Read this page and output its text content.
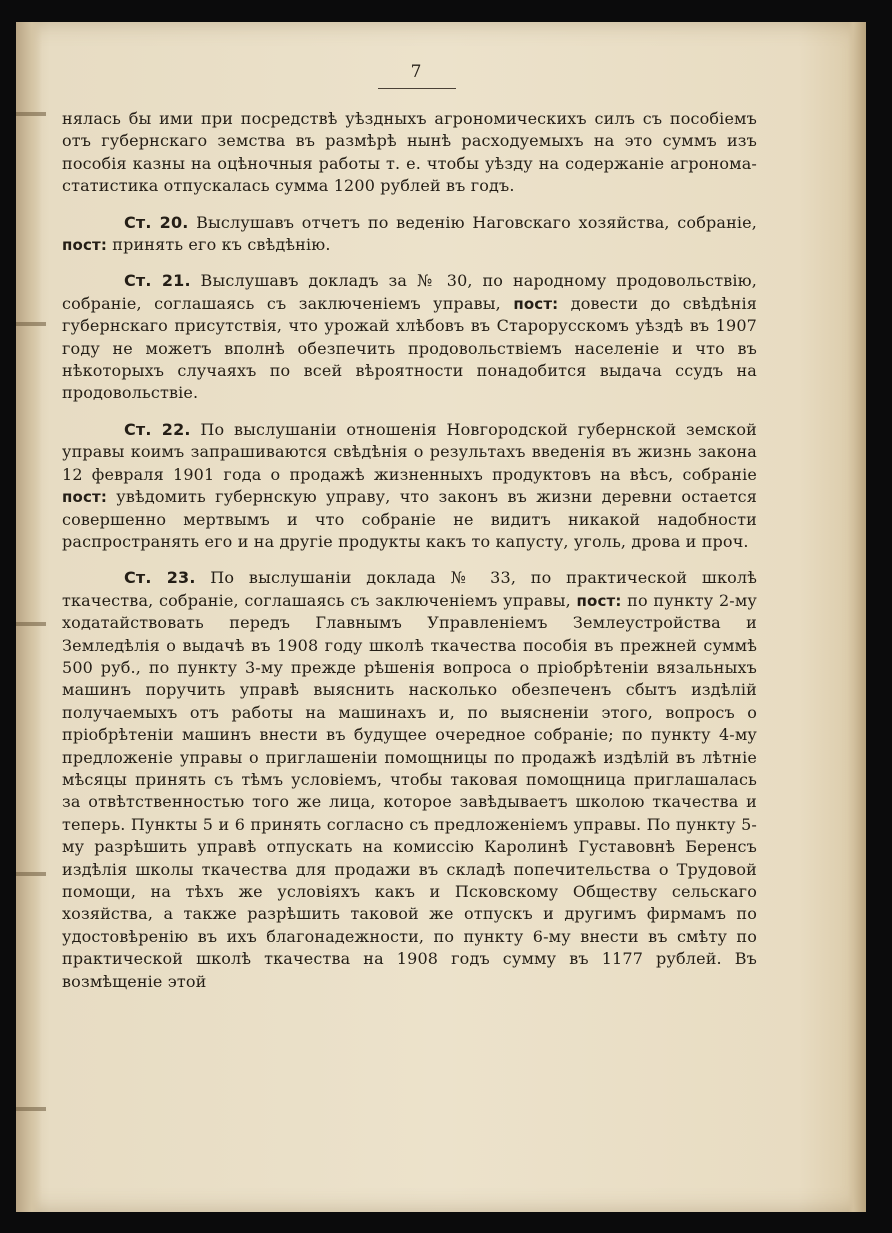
7

нялась бы ими при посредствѣ уѣздныхъ агрономическихъ силъ съ пособіемъ отъ губернскаго земства въ размѣрѣ нынѣ расходуемыхъ на это суммъ изъ пособія казны на оцѣночныя работы т. е. чтобы уѣзду на содержаніе агронома-статистика отпускалась сумма 1200 рублей въ годъ.

Ст. 20. Выслушавъ отчетъ по веденію Наговскаго хозяйства, собраніе, пост: принять его къ свѣдѣнію.

Ст. 21. Выслушавъ докладъ за № 30, по народному продовольствію, собраніе, соглашаясь съ заключеніемъ управы, пост: довести до свѣдѣнія губернскаго присутствія, что урожай хлѣбовъ въ Старорусскомъ уѣздѣ въ 1907 году не можетъ вполнѣ обезпечить продовольствіемъ населеніе и что въ нѣкоторыхъ случаяхъ по всей вѣроятности понадобится выдача ссудъ на продовольствіе.

Ст. 22. По выслушаніи отношенія Новгородской губернской земской управы коимъ запрашиваются свѣдѣнія о результахъ введенія въ жизнь закона 12 февраля 1901 года о продажѣ жизненныхъ продуктовъ на вѣсъ, собраніе пост: увѣдомить губернскую управу, что законъ въ жизни деревни остается совершенно мертвымъ и что собраніе не видитъ никакой надобности распространять его и на другіе продукты какъ то капусту, уголь, дрова и проч.

Ст. 23. По выслушаніи доклада № 33, по практической школѣ ткачества, собраніе, соглашаясь съ заключеніемъ управы, пост: по пункту 2-му ходатайствовать передъ Главнымъ Управленіемъ Землеустройства и Земледѣлія о выдачѣ въ 1908 году школѣ ткачества пособія въ прежней суммѣ 500 руб., по пункту 3-му прежде рѣшенія вопроса о пріобрѣтеніи вязальныхъ машинъ поручить управѣ выяснить насколько обезпеченъ сбытъ издѣлій получаемыхъ отъ работы на машинахъ и, по выясненіи этого, вопросъ о пріобрѣтеніи машинъ внести въ будущее очередное собраніе; по пункту 4-му предложеніе управы о приглашеніи помощницы по продажѣ издѣлій въ лѣтніе мѣсяцы принять съ тѣмъ условіемъ, чтобы таковая помощница приглашалась за отвѣтственностью того же лица, которое завѣдываетъ школою ткачества и теперь. Пункты 5 и 6 принять согласно съ предложеніемъ управы. По пункту 5-му разрѣшить управѣ отпускать на комиссію Каролинѣ Густавовнѣ Беренсъ издѣлія школы ткачества для продажи въ складѣ попечительства о Трудовой помощи, на тѣхъ же условіяхъ какъ и Псковскому Обществу сельскаго хозяйства, а также разрѣшить таковой же отпускъ и другимъ фирмамъ по удостовѣренію въ ихъ благонадежности, по пункту 6-му внести въ смѣту по практической школѣ ткачества на 1908 годъ сумму въ 1177 рублей. Въ возмѣщеніе этой
